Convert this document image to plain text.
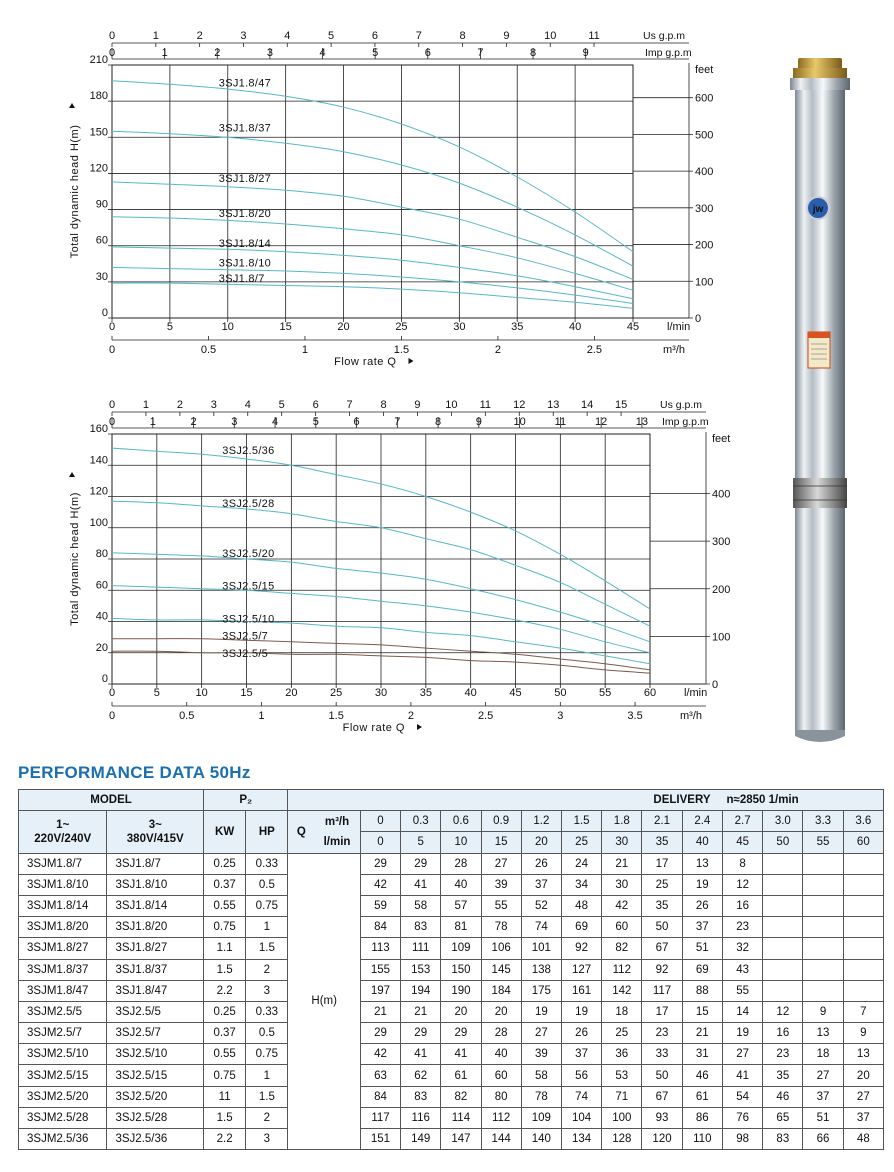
0	5	10	15	20	25	30	35	40	45
0
30
60
90
120
150
180
210
Total dynamic head H(m)
0	1	2	3	4	5	6	7	8	9	10	11	Us g.p.m
0	1	2	3	4	5	6	7	8	9	Imp g.p.m
0
100
200
300
400
500
600
feet
l/min
0	0.5	1	1.5	2	2.5	m³/h
Flow rate Q
3SJ1.8/47
3SJ1.8/37
3SJ1.8/27
3SJ1.8/20
3SJ1.8/14
3SJ1.8/10
3SJ1.8/7
0	5	10	15	20	25	30	35	40	45	50	55	60
0
20
40
60
80
100
120
140
160
Total dynamic head H(m)
0	1	2	3	4	5	6	7	8	9 10 11 12 13 14 15	Us g.p.m
0	1	2	3	4	5	6	7	8	9	10	11	12	13 Imp g.p.m
0
100
200
300
400
feet
l/min
0	0.5	1	1.5	2	2.5	3	3.5	m³/h
Flow rate Q
3SJ2.5/36
3SJ2.5/28
3SJ2.5/20
3SJ2.5/15
3SJ2.5/10
3SJ2.5/7
3SJ2.5/5
jw
PERFORMANCE DATA 50Hz
MODEL		P₂		DELIVERY											n≈2850 1/min			
1~
220V/240V	3~
380V/415V	KW	HP	Q	m³/h	0	0.3	0.6	0.9	1.2	1.5	1.8	2.1	2.4	2.7	3.0	3.3	3.6
					l/min	0	5	10	15	20	25	30	35	40	45	50	55	60
3SJM1.8/7	3SJ1.8/7	0.25	0.33	H(m)		29	29	28	27	26	24	21	17	13	8			
3SJM1.8/10	3SJ1.8/10	0.37	0.5			42	41	40	39	37	34	30	25	19	12			
3SJM1.8/14	3SJ1.8/14	0.55	0.75			59	58	57	55	52	48	42	35	26	16			
3SJM1.8/20	3SJ1.8/20	0.75	1			84	83	81	78	74	69	60	50	37	23			
3SJM1.8/27	3SJ1.8/27	1.1	1.5			113	111	109	106	101	92	82	67	51	32			
3SJM1.8/37	3SJ1.8/37	1.5	2			155	153	150	145	138	127	112	92	69	43			
3SJM1.8/47	3SJ1.8/47	2.2	3			197	194	190	184	175	161	142	117	88	55			
3SJM2.5/5	3SJ2.5/5	0.25	0.33			21	21	20	20	19	19	18	17	15	14	12	9	7
3SJM2.5/7	3SJ2.5/7	0.37	0.5			29	29	29	28	27	26	25	23	21	19	16	13	9
3SJM2.5/10	3SJ2.5/10	0.55	0.75			42	41	41	40	39	37	36	33	31	27	23	18	13
3SJM2.5/15	3SJ2.5/15	0.75	1			63	62	61	60	58	56	53	50	46	41	35	27	20
3SJM2.5/20	3SJ2.5/20	11	1.5			84	83	82	80	78	74	71	67	61	54	46	37	27
3SJM2.5/28	3SJ2.5/28	1.5	2			117	116	114	112	109	104	100	93	86	76	65	51	37
3SJM2.5/36	3SJ2.5/36	2.2	3			151	149	147	144	140	134	128	120	110	98	83	66	48
